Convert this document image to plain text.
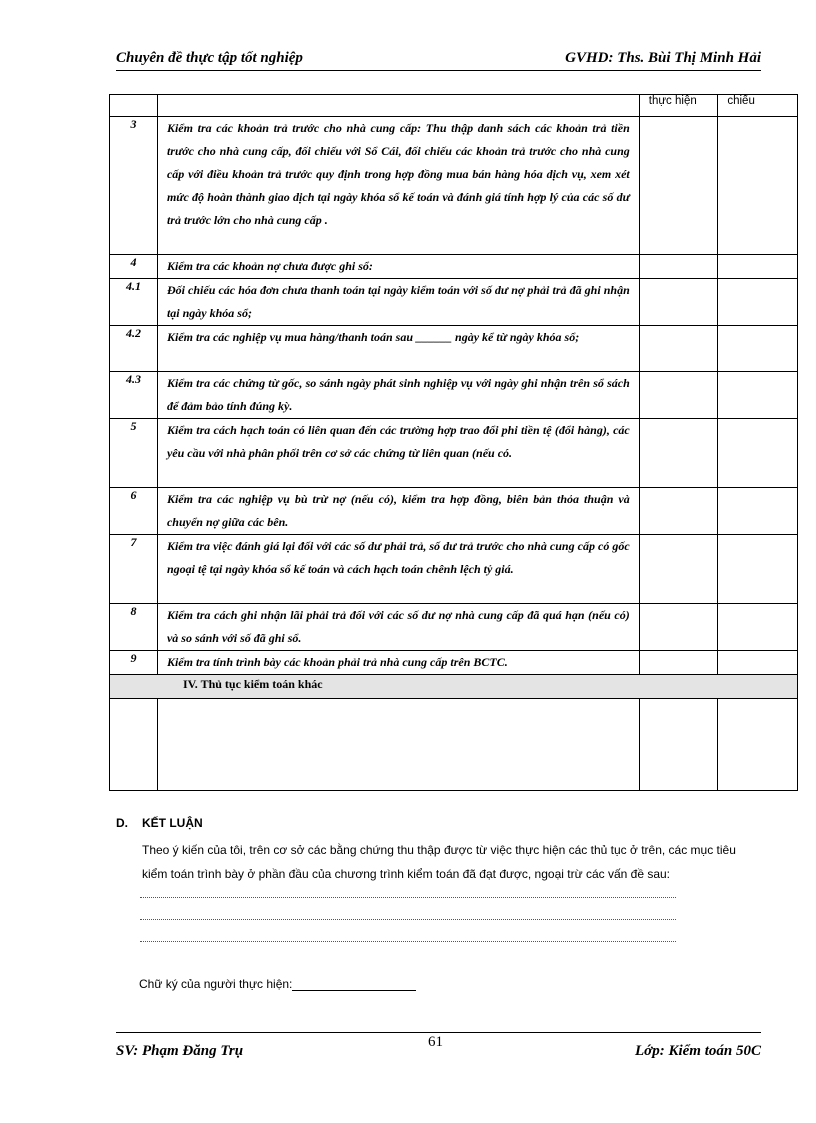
Chuyên đề thực tập tốt nghiệp	GVHD: Ths. Bùi Thị Minh Hải
		thực hiện	chiếu
3	Kiểm tra các khoản trả trước cho nhà cung cấp: Thu thập danh sách các khoản trả tiền trước cho nhà cung cấp, đối chiếu với Sổ Cái, đối chiếu các khoản trả trước cho nhà cung cấp với điều khoản trả trước quy định trong hợp đồng mua bán hàng hóa dịch vụ, xem xét mức độ hoàn thành giao dịch tại ngày khóa sổ kế toán và đánh giá tính hợp lý của các số dư trả trước lớn cho nhà cung cấp .		
4	Kiểm tra các khoản nợ chưa được ghi sổ:		
4.1	Đối chiếu các hóa đơn chưa thanh toán tại ngày kiểm toán với số dư nợ phải trả đã ghi nhận tại ngày khóa sổ;		
4.2	Kiểm tra các nghiệp vụ mua hàng/thanh toán sau ______ ngày kể từ ngày khóa sổ;		
4.3	Kiểm tra các chứng từ gốc, so sánh ngày phát sinh nghiệp vụ với ngày ghi nhận trên sổ sách để đảm bảo tính đúng kỳ.		
5	Kiểm tra cách hạch toán có liên quan đến các trường hợp trao đổi phi tiền tệ (đổi hàng), các yêu cầu với nhà phân phối trên cơ sở các chứng từ liên quan (nếu có.		
6	Kiểm tra các nghiệp vụ bù trừ nợ (nếu có), kiểm tra hợp đồng, biên bản thỏa thuận và chuyển nợ giữa các bên.		
7	Kiểm tra việc đánh giá lại đối với các số dư phải trả, số dư trả trước cho nhà cung cấp có gốc ngoại tệ tại ngày khóa sổ kế toán và cách hạch toán chênh lệch tỷ giá.		
8	Kiểm tra cách ghi nhận lãi phải trả đối với các số dư nợ nhà cung cấp đã quá hạn (nếu có) và so sánh với số đã ghi sổ.		
9	Kiểm tra tính trình bày các khoản phải trả nhà cung cấp trên BCTC.		
IV. Thủ tục kiểm toán khác			

D. KẾT LUẬN
Theo ý kiến của tôi, trên cơ sở các bằng chứng thu thập được từ việc thực hiện các thủ tục ở trên, các mục tiêu kiểm toán trình bày ở phần đầu của chương trình kiểm toán đã đạt được, ngoại trừ các vấn đề sau:
Chữ ký của người thực hiện:
61
SV: Phạm Đăng Trụ	Lớp: Kiểm toán 50C
